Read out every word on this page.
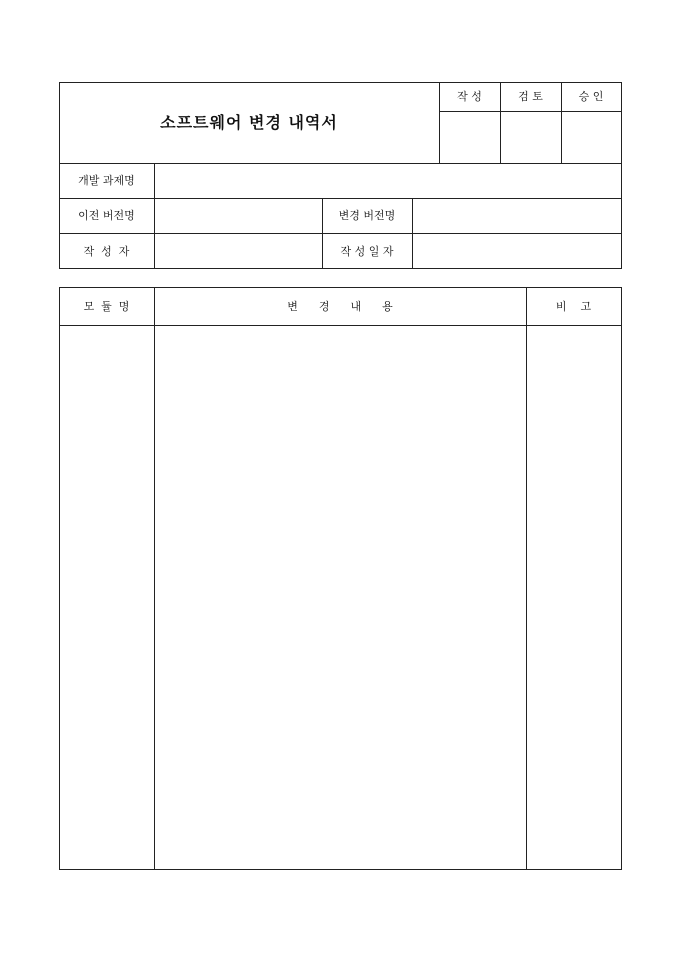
소프트웨어 변경 내역서
작 성	검 토	승 인
개발 과제명
이전 버전명	변경 버전명
작  성  자	작 성 일 자
모  듈  명	변      경      내      용	비    고
